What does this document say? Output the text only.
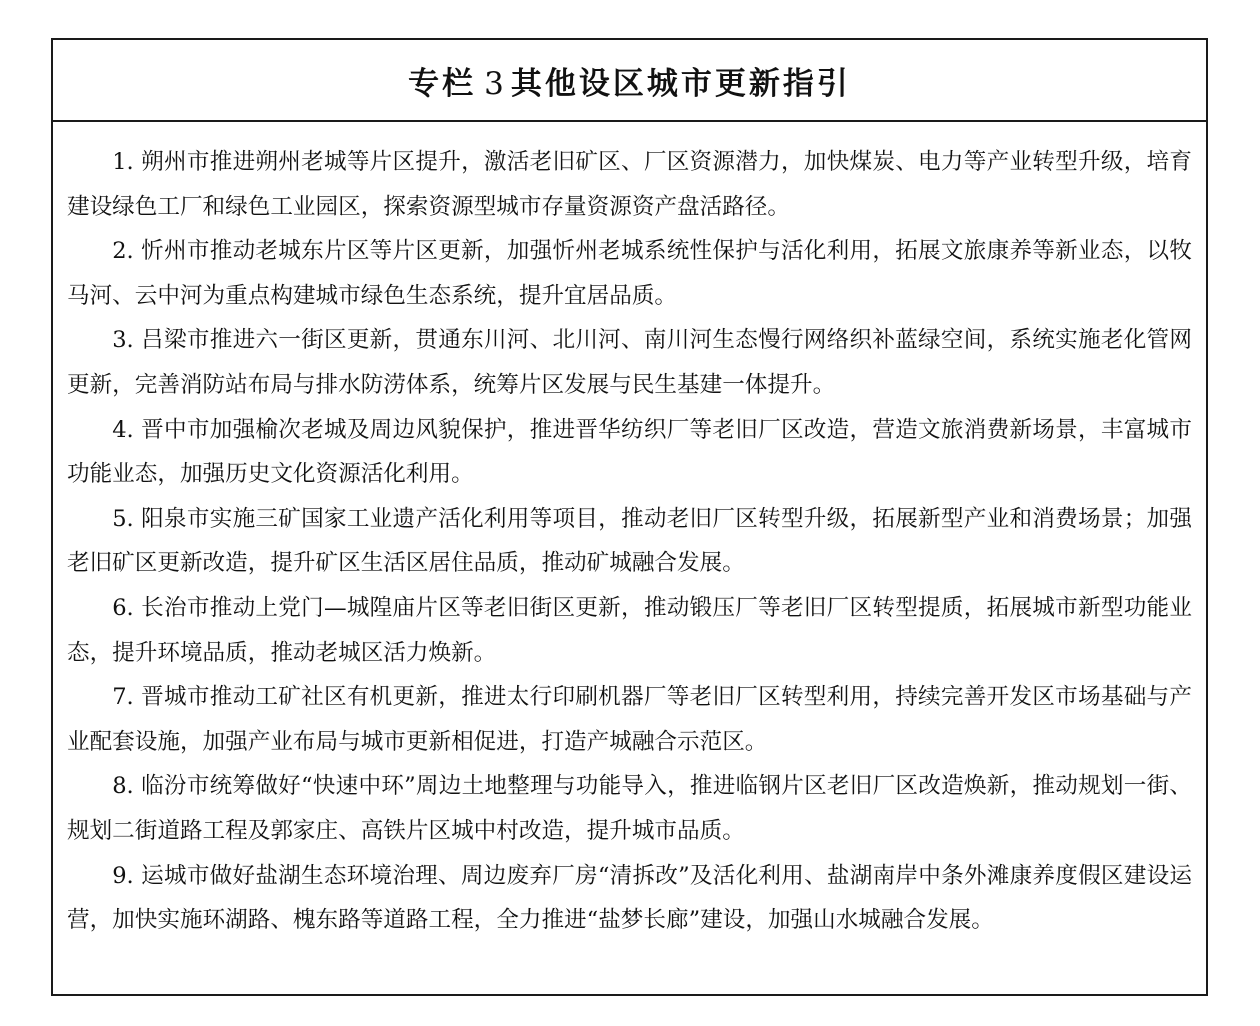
专栏 3 其他设区城市更新指引

1. 朔州市推进朔州老城等片区提升，激活老旧矿区、厂区资源潜力，加快煤炭、电力等产业转型升级，培育建设绿色工厂和绿色工业园区，探索资源型城市存量资源资产盘活路径。

2. 忻州市推动老城东片区等片区更新，加强忻州老城系统性保护与活化利用，拓展文旅康养等新业态，以牧马河、云中河为重点构建城市绿色生态系统，提升宜居品质。

3. 吕梁市推进六一街区更新，贯通东川河、北川河、南川河生态慢行网络织补蓝绿空间，系统实施老化管网更新，完善消防站布局与排水防涝体系，统筹片区发展与民生基建一体提升。

4. 晋中市加强榆次老城及周边风貌保护，推进晋华纺织厂等老旧厂区改造，营造文旅消费新场景，丰富城市功能业态，加强历史文化资源活化利用。

5. 阳泉市实施三矿国家工业遗产活化利用等项目，推动老旧厂区转型升级，拓展新型产业和消费场景；加强老旧矿区更新改造，提升矿区生活区居住品质，推动矿城融合发展。

6. 长治市推动上党门—城隍庙片区等老旧街区更新，推动锻压厂等老旧厂区转型提质，拓展城市新型功能业态，提升环境品质，推动老城区活力焕新。

7. 晋城市推动工矿社区有机更新，推进太行印刷机器厂等老旧厂区转型利用，持续完善开发区市场基础与产业配套设施，加强产业布局与城市更新相促进，打造产城融合示范区。

8. 临汾市统筹做好“快速中环”周边土地整理与功能导入，推进临钢片区老旧厂区改造焕新，推动规划一街、规划二街道路工程及郭家庄、高铁片区城中村改造，提升城市品质。

9. 运城市做好盐湖生态环境治理、周边废弃厂房“清拆改”及活化利用、盐湖南岸中条外滩康养度假区建设运营，加快实施环湖路、槐东路等道路工程，全力推进“盐梦长廊”建设，加强山水城融合发展。
